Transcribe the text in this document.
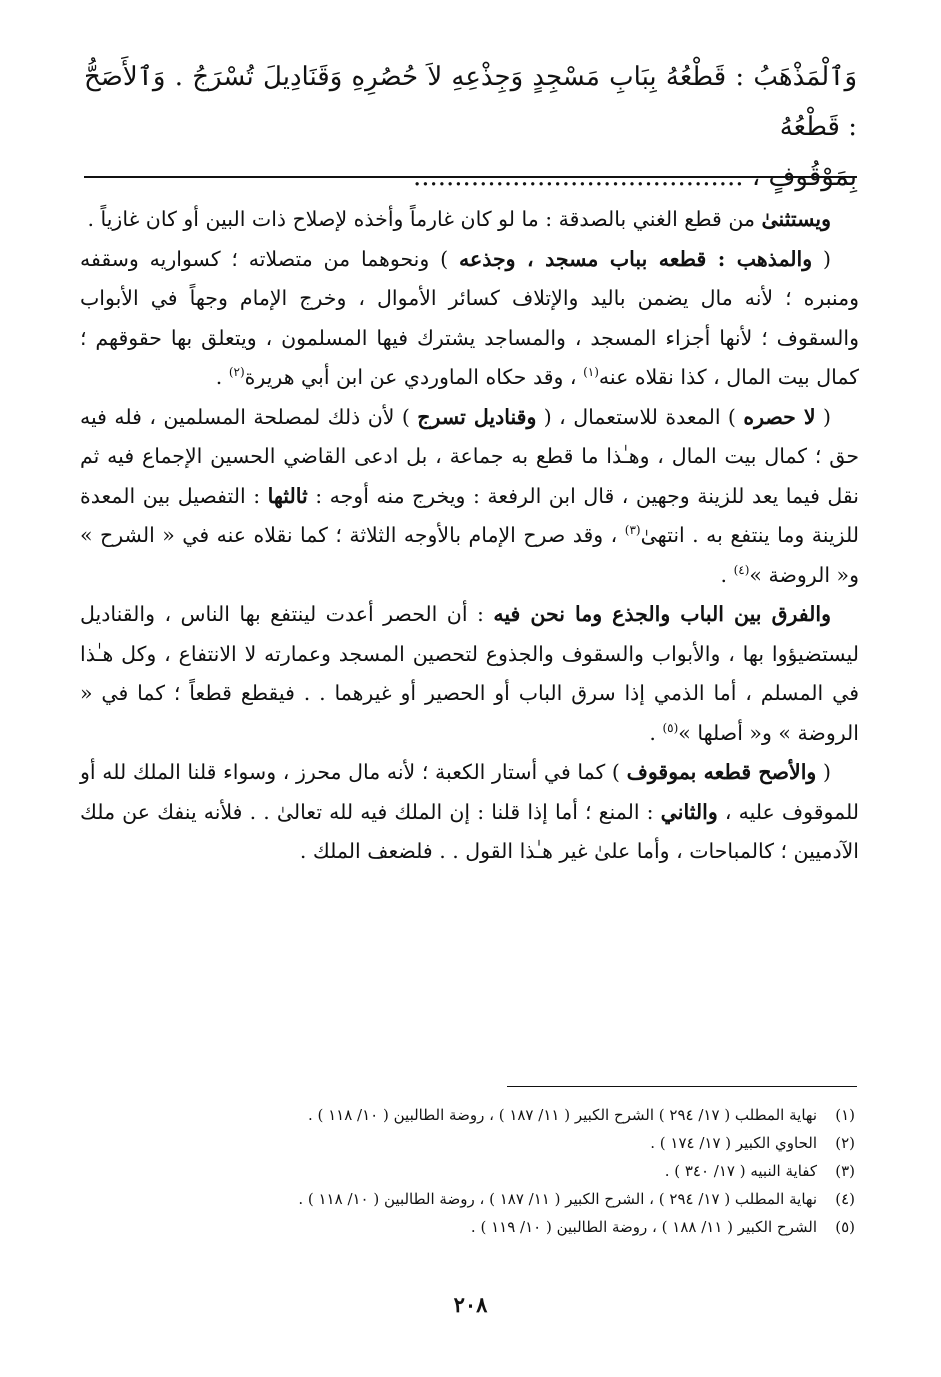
وَٱلْمَذْهَبُ : قَطْعُهُ بِبَابِ مَسْجِدٍ وَجِذْعِهِ لاَ حُصُرِهِ وَقَنَادِيلَ تُسْرَجُ . وَٱلأَصَحُّ : قَطْعُهُ
بِمَوْقُوفٍ ، ........................................

ويستثنىٰ من قطع الغني بالصدقة : ما لو كان غارماً وأخذه لإصلاح ذات البين أو كان غازياً .

( والمذهب : قطعه بباب مسجد ، وجذعه ) ونحوهما من متصلاته ؛ كسواريه وسقفه ومنبره ؛ لأنه مال يضمن باليد والإتلاف كسائر الأموال ، وخرج الإمام وجهاً في الأبواب والسقوف ؛ لأنها أجزاء المسجد ، والمساجد يشترك فيها المسلمون ، ويتعلق بها حقوقهم ؛ كمال بيت المال ، كذا نقلاه عنه$^{(١)}$ ، وقد حكاه الماوردي عن ابن أبي هريرة$^{(٢)}$ .

( لا حصره ) المعدة للاستعمال ، ( وقناديل تسرج ) لأن ذلك لمصلحة المسلمين ، فله فيه حق ؛ كمال بيت المال ، وهـٰذا ما قطع به جماعة ، بل ادعى القاضي الحسين الإجماع فيه ثم نقل فيما يعد للزينة وجهين ، قال ابن الرفعة : ويخرج منه أوجه : ثالثها : التفصيل بين المعدة للزينة وما ينتفع به . انتهىٰ$^{(٣)}$ ، وقد صرح الإمام بالأوجه الثلاثة ؛ كما نقلاه عنه في « الشرح » و« الروضة »$^{(٤)}$ .

والفرق بين الباب والجذع وما نحن فيه : أن الحصر أعدت لينتفع بها الناس ، والقناديل ليستضيؤوا بها ، والأبواب والسقوف والجذوع لتحصين المسجد وعمارته لا الانتفاع ، وكل هـٰذا في المسلم ، أما الذمي إذا سرق الباب أو الحصير أو غيرهما . . فيقطع قطعاً ؛ كما في « الروضة » و« أصلها »$^{(٥)}$ .

( والأصح قطعه بموقوف ) كما في أستار الكعبة ؛ لأنه مال محرز ، وسواء قلنا الملك لله أو للموقوف عليه ، والثاني : المنع ؛ أما إذا قلنا : إن الملك فيه لله تعالىٰ . . فلأنه ينفك عن ملك الآدميين ؛ كالمباحات ، وأما علىٰ غير هـٰذا القول . . فلضعف الملك .

(١)
نهاية المطلب ( ١٧/ ٢٩٤ ) الشرح الكبير ( ١١/ ١٨٧ ) ، روضة الطالبين ( ١٠/ ١١٨ ) .
(٢)
الحاوي الكبير ( ١٧/ ١٧٤ ) .
(٣)
كفاية النبيه ( ١٧/ ٣٤٠ ) .
(٤)
نهاية المطلب ( ١٧/ ٢٩٤ ) ، الشرح الكبير ( ١١/ ١٨٧ ) ، روضة الطالبين ( ١٠/ ١١٨ ) .
(٥)
الشرح الكبير ( ١١/ ١٨٨ ) ، روضة الطالبين ( ١٠/ ١١٩ ) .
٢٠٨
